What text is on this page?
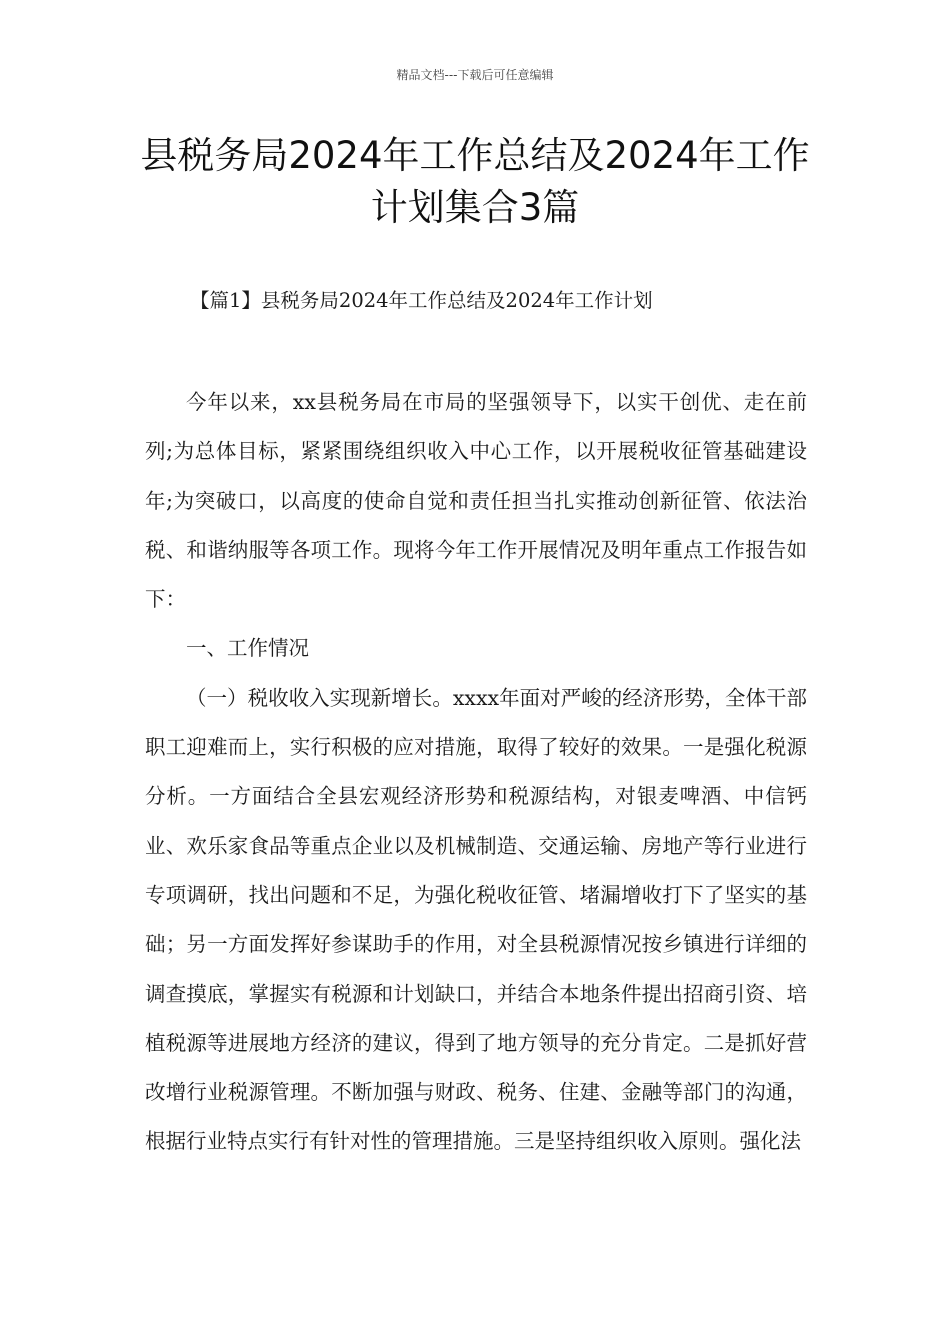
精品文档---下载后可任意编辑
县税务局2024年工作总结及2024年工作计划集合3篇
【篇1】县税务局2024年工作总结及2024年工作计划

今年以来，xx县税务局在市局的坚强领导下，以实干创优、走在前列;为总体目标，紧紧围绕组织收入中心工作，以开展税收征管基础建设年;为突破口，以高度的使命自觉和责任担当扎实推动创新征管、依法治税、和谐纳服等各项工作。现将今年工作开展情况及明年重点工作报告如下：

一、工作情况

（一）税收收入实现新增长。xxxx年面对严峻的经济形势，全体干部职工迎难而上，实行积极的应对措施，取得了较好的效果。一是强化税源分析。一方面结合全县宏观经济形势和税源结构，对银麦啤酒、中信钙业、欢乐家食品等重点企业以及机械制造、交通运输、房地产等行业进行专项调研，找出问题和不足，为强化税收征管、堵漏增收打下了坚实的基础；另一方面发挥好参谋助手的作用，对全县税源情况按乡镇进行详细的调查摸底，掌握实有税源和计划缺口，并结合本地条件提出招商引资、培植税源等进展地方经济的建议，得到了地方领导的充分肯定。二是抓好营改增行业税源管理。不断加强与财政、税务、住建、金融等部门的沟通，根据行业特点实行有针对性的管理措施。三是坚持组织收入原则。强化法
